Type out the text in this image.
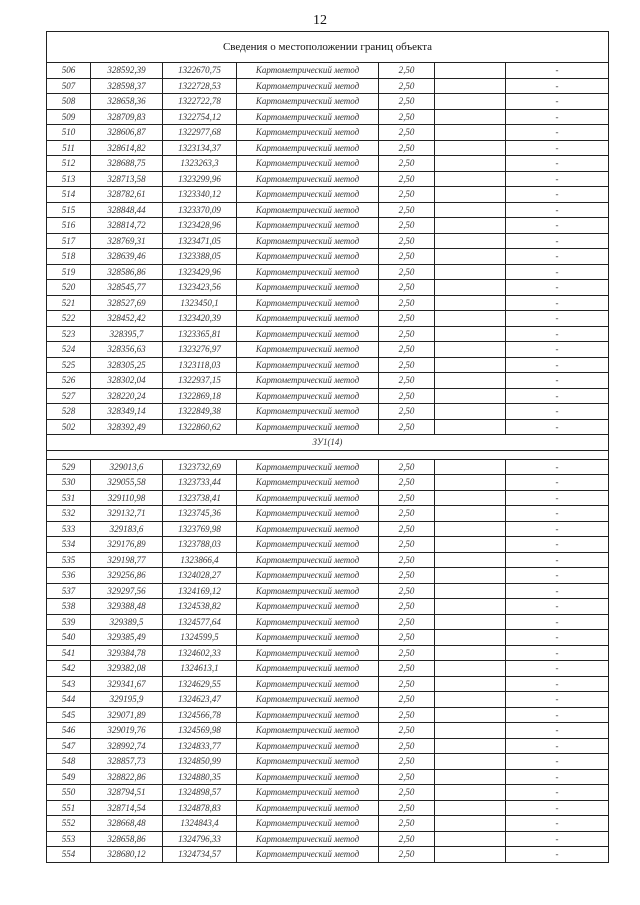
12
Сведения о местоположении границ объекта						
506	328592,39	1322670,75	Картометрический метод	2,50		-
507	328598,37	1322728,53	Картометрический метод	2,50		-
508	328658,36	1322722,78	Картометрический метод	2,50		-
509	328709,83	1322754,12	Картометрический метод	2,50		-
510	328606,87	1322977,68	Картометрический метод	2,50		-
511	328614,82	1323134,37	Картометрический метод	2,50		-
512	328688,75	1323263,3	Картометрический метод	2,50		-
513	328713,58	1323299,96	Картометрический метод	2,50		-
514	328782,61	1323340,12	Картометрический метод	2,50		-
515	328848,44	1323370,09	Картометрический метод	2,50		-
516	328814,72	1323428,96	Картометрический метод	2,50		-
517	328769,31	1323471,05	Картометрический метод	2,50		-
518	328639,46	1323388,05	Картометрический метод	2,50		-
519	328586,86	1323429,96	Картометрический метод	2,50		-
520	328545,77	1323423,56	Картометрический метод	2,50		-
521	328527,69	1323450,1	Картометрический метод	2,50		-
522	328452,42	1323420,39	Картометрический метод	2,50		-
523	328395,7	1323365,81	Картометрический метод	2,50		-
524	328356,63	1323276,97	Картометрический метод	2,50		-
525	328305,25	1323118,03	Картометрический метод	2,50		-
526	328302,04	1322937,15	Картометрический метод	2,50		-
527	328220,24	1322869,18	Картометрический метод	2,50		-
528	328349,14	1322849,38	Картометрический метод	2,50		-
502	328392,49	1322860,62	Картометрический метод	2,50		-
ЗУ1(14)						

529	329013,6	1323732,69	Картометрический метод	2,50		-
530	329055,58	1323733,44	Картометрический метод	2,50		-
531	329110,98	1323738,41	Картометрический метод	2,50		-
532	329132,71	1323745,36	Картометрический метод	2,50		-
533	329183,6	1323769,98	Картометрический метод	2,50		-
534	329176,89	1323788,03	Картометрический метод	2,50		-
535	329198,77	1323866,4	Картометрический метод	2,50		-
536	329256,86	1324028,27	Картометрический метод	2,50		-
537	329297,56	1324169,12	Картометрический метод	2,50		-
538	329388,48	1324538,82	Картометрический метод	2,50		-
539	329389,5	1324577,64	Картометрический метод	2,50		-
540	329385,49	1324599,5	Картометрический метод	2,50		-
541	329384,78	1324602,33	Картометрический метод	2,50		-
542	329382,08	1324613,1	Картометрический метод	2,50		-
543	329341,67	1324629,55	Картометрический метод	2,50		-
544	329195,9	1324623,47	Картометрический метод	2,50		-
545	329071,89	1324566,78	Картометрический метод	2,50		-
546	329019,76	1324569,98	Картометрический метод	2,50		-
547	328992,74	1324833,77	Картометрический метод	2,50		-
548	328857,73	1324850,99	Картометрический метод	2,50		-
549	328822,86	1324880,35	Картометрический метод	2,50		-
550	328794,51	1324898,57	Картометрический метод	2,50		-
551	328714,54	1324878,83	Картометрический метод	2,50		-
552	328668,48	1324843,4	Картометрический метод	2,50		-
553	328658,86	1324796,33	Картометрический метод	2,50		-
554	328680,12	1324734,57	Картометрический метод	2,50		-
